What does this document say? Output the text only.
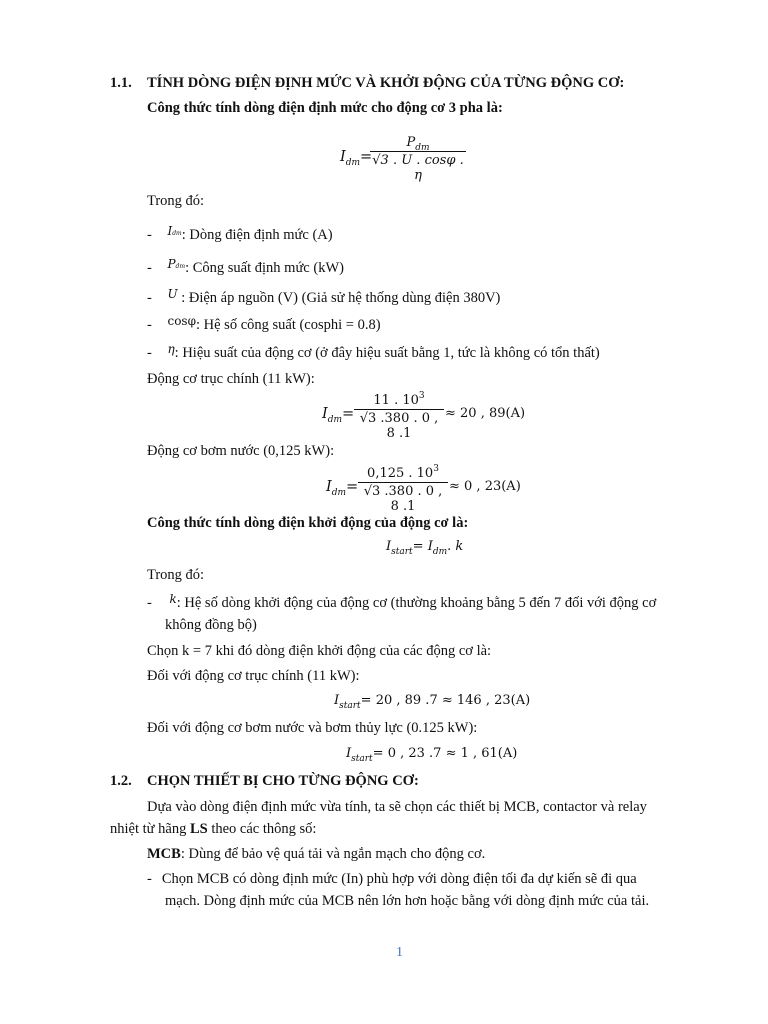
1.1. TÍNH DÒNG ĐIỆN ĐỊNH MỨC VÀ KHỞI ĐỘNG CỦA TỪNG ĐỘNG CƠ:
Công thức tính dòng điện định mức cho động cơ 3 pha là:
$I_{dm}=$
$P_{dm}$
√3 . U . cosφ . η
Trong đó:
- $^{Idm}$: Dòng điện định mức (A)
- $^{Pdm}$: Công suất định mức (kW)
- $^U$ : Điện áp nguồn (V) (Giả sử hệ thống dùng điện 380V)
- $^{cos\varphi}$: Hệ số công suất (cosphi = 0.8)
- $^\eta$: Hiệu suất của động cơ (ở đây hiệu suất bằng 1, tức là không có tổn thất)
Động cơ trục chính (11 kW):
$I_{dm}= \frac{11 . 10^3}{√3 .380 . 0 , 8 .1} \approx 20$ , 89(A)
Động cơ bơm nước (0,125 kW):
$I_{dm}= \frac{0,125 . 10^3}{√3 .380 . 0 , 8 .1} \approx 0$ , 23(A)
Công thức tính dòng điện khởi động của động cơ là:
$I_{start}= I_{dm}$. k
Trong đó:
- $^k$: Hệ số dòng khởi động của động cơ (thường khoảng bằng 5 đến 7 đối với động cơ
không đồng bộ)
Chọn k = 7 khi đó dòng điện khởi động của các động cơ là:
Đối với động cơ trục chính (11 kW):
$I_{start}= 20$ , 89 .7 ≈ 146 , 23(A)
Đối với động cơ bơm nước và bơm thủy lực (0.125 kW):
$I_{start}= 0$ , 23 .7 ≈ 1 , 61(A)
1.2. CHỌN THIẾT BỊ CHO TỪNG ĐỘNG CƠ:
Dựa vào dòng điện định mức vừa tính, ta sẽ chọn các thiết bị MCB, contactor và relay
nhiệt từ hãng LS theo các thông số:
MCB: Dùng để bảo vệ quá tải và ngắn mạch cho động cơ.
- Chọn MCB có dòng định mức (In) phù hợp với dòng điện tối đa dự kiến sẽ đi qua
mạch. Dòng định mức của MCB nên lớn hơn hoặc bằng với dòng định mức của tải.
1
